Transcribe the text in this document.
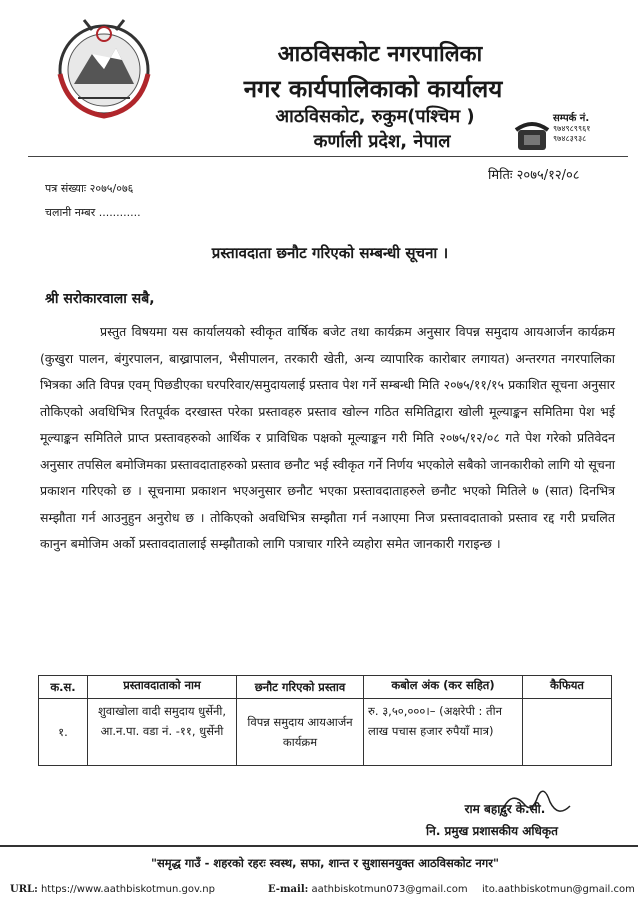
आठविसकोट नगरपालिका
नगर कार्यपालिकाको कार्यालय
आठविसकोट, रुकुम(पश्चिम )
कर्णाली प्रदेश, नेपाल
सम्पर्क नं.
९७४९८९९६१
९७४८३९३८
मितिः २०७५/१२/०८
पत्र संख्याः २०७५/०७६
चलानी नम्बर ............
प्रस्तावदाता छनौट गरिएको सम्बन्धी सूचना ।
श्री सरोकारवाला सबै,
प्रस्तुत विषयमा यस कार्यालयको स्वीकृत वार्षिक बजेट तथा कार्यक्रम अनुसार विपन्न समुदाय आयआर्जन कार्यक्रम (कुखुरा पालन, बंगुरपालन, बाख्रापालन, भैसीपालन, तरकारी खेती, अन्य व्यापारिक कारोबार लगायत) अन्तरगत नगरपालिका भित्रका अति विपन्न एवम् पिछडीएका घरपरिवार/समुदायलाई प्रस्ताव पेश गर्ने सम्बन्धी मिति २०७५/११/१५ प्रकाशित सूचना अनुसार तोकिएको अवधिभित्र रितपूर्वक दरखास्त परेका प्रस्तावहरु प्रस्ताव खोल्न गठित समितिद्वारा खोली मूल्याङ्कन समितिमा पेश भई मूल्याङ्कन समितिले प्राप्त प्रस्तावहरुको आर्थिक र प्राविधिक पक्षको मूल्याङ्कन गरी मिति २०७५/१२/०८ गते पेश गरेको प्रतिवेदन अनुसार तपसिल बमोजिमका प्रस्तावदाताहरुको प्रस्ताव छनौट भई स्वीकृत गर्ने निर्णय भएकोले सबैको जानकारीको लागि यो सूचना प्रकाशन गरिएको छ । सूचनामा प्रकाशन भएअनुसार छनौट भएका प्रस्तावदाताहरुले छनौट भएको मितिले ७ (सात) दिनभित्र सम्झौता गर्न आउनुहुन अनुरोध छ । तोकिएको अवधिभित्र सम्झौता गर्न नआएमा निज प्रस्तावदाताको प्रस्ताव रद्द गरी प्रचलित कानुन बमोजिम अर्को प्रस्तावदातालाई सम्झौताको लागि पत्राचार गरिने व्यहोरा समेत जानकारी गराइन्छ ।
क.स.	प्रस्तावदाताको नाम	छनौट गरिएको प्रस्ताव	कबोल अंक (कर सहित)	कैफियत
१.	शुवाखोला वादी समुदाय धुर्सेनी, आ.न.पा. वडा नं. -११, धुर्सेनी	विपन्न समुदाय आयआर्जन कार्यक्रम	रु. ३,५०,०००।– (अक्षरेपी : तीन लाख पचास हजार रुपैयाँ मात्र)	
राम बहादुर के.सी.
नि. प्रमुख प्रशासकीय अधिकृत
"समृद्ध गाउँ - शहरको रहरः स्वस्थ, सफा, शान्त र सुशासनयुक्त आठविसकोट नगर"
URL: https://www.aathbiskotmun.gov.np	E-mail: aathbiskotmun073@gmail.com ito.aathbiskotmun@gmail.com
